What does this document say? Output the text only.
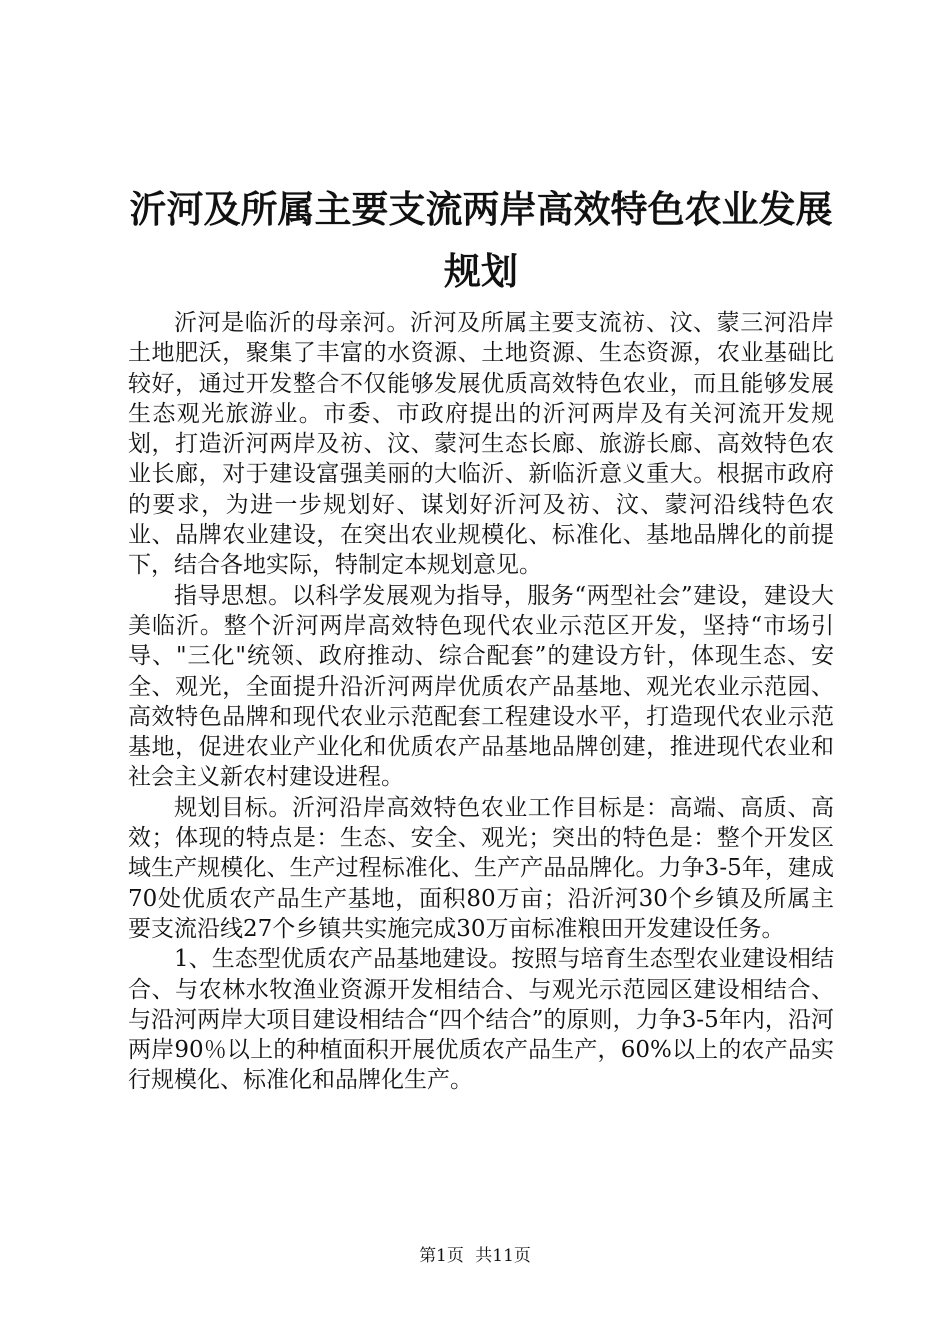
沂河及所属主要支流两岸高效特色农业发展规划

沂河是临沂的母亲河。沂河及所属主要支流祊、汶、蒙三河沿岸土地肥沃，聚集了丰富的水资源、土地资源、生态资源，农业基础比较好，通过开发整合不仅能够发展优质高效特色农业，而且能够发展生态观光旅游业。市委、市政府提出的沂河两岸及有关河流开发规划，打造沂河两岸及祊、汶、蒙河生态长廊、旅游长廊、高效特色农业长廊，对于建设富强美丽的大临沂、新临沂意义重大。根据市政府的要求，为进一步规划好、谋划好沂河及祊、汶、蒙河沿线特色农业、品牌农业建设，在突出农业规模化、标准化、基地品牌化的前提下，结合各地实际，特制定本规划意见。

指导思想。以科学发展观为指导，服务“两型社会”建设，建设大美临沂。整个沂河两岸高效特色现代农业示范区开发，坚持“市场引导、"三化"统领、政府推动、综合配套”的建设方针，体现生态、安全、观光，全面提升沿沂河两岸优质农产品基地、观光农业示范园、高效特色品牌和现代农业示范配套工程建设水平，打造现代农业示范基地，促进农业产业化和优质农产品基地品牌创建，推进现代农业和社会主义新农村建设进程。

规划目标。沂河沿岸高效特色农业工作目标是：高端、高质、高效；体现的特点是：生态、安全、观光；突出的特色是：整个开发区域生产规模化、生产过程标准化、生产产品品牌化。力争3-5年，建成70处优质农产品生产基地，面积80万亩；沿沂河30个乡镇及所属主要支流沿线27个乡镇共实施完成30万亩标准粮田开发建设任务。

1、生态型优质农产品基地建设。按照与培育生态型农业建设相结合、与农林水牧渔业资源开发相结合、与观光示范园区建设相结合、与沿河两岸大项目建设相结合“四个结合”的原则，力争3-5年内，沿河两岸90％以上的种植面积开展优质农产品生产，60%以上的农产品实行规模化、标准化和品牌化生产。

第1页 共11页
